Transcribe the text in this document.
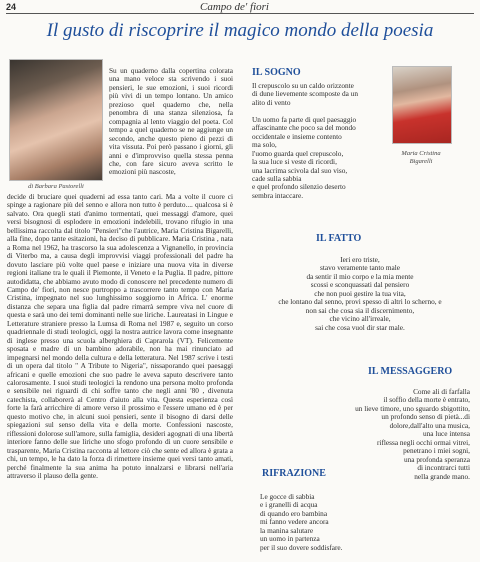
24	Campo de' fiori
Il gusto di riscoprire il magico mondo della poesia
di Barbara Pastorelli
Su un quaderno dalla copertina colorata una mano veloce sta scrivendo i suoi pensieri, le sue emozioni, i suoi ricordi più vivi di un tempo lontano. Un amico prezioso quel quaderno che, nella penombra di una stanza silenziosa, fa compagnia al lento viaggio del poeta. Col tempo a quel quaderno se ne aggiunge un secondo, anche questo pieno di pezzi di vita vissuta. Poi però passano i giorni, gli anni e d'improvviso quella stessa penna che, con fare sicuro aveva scritto le emozioni più nascoste,
decide di bruciare quei quaderni ad essa tanto cari. Ma a volte il cuore ci spinge a ragionare più del senno e allora non tutto è perduto.... qualcosa si è salvato. Ora quegli stati d'animo tormentati, quei messaggi d'amore, quei versi bisognosi di esplodere in emozioni indelebili, trovano rifugio in una bellissima raccolta dal titolo "Pensieri"che l'autrice, Maria Cristina Bigarelli, alla fine, dopo tante esitazioni, ha deciso di pubblicare. Maria Cristina , nata a Roma nel 1962, ha trascorso la sua adolescenza a Vignanello, in provincia di Viterbo ma, a causa degli improvvisi viaggi professionali del padre ha dovuto lasciare più volte quel paese e iniziare una nuova vita in diverse regioni italiane tra le quali il Piemonte, il Veneto e la Puglia. Il padre, pittore autodidatta, che abbiamo avuto modo di conoscere nel precedente numero di Campo de' fiori, non nesce purtroppo a trascorrere tanto tempo con Maria Cristina, impegnato nel suo lunghissimo soggiorno in Africa. L' enorme distanza che separa una figlia dal padre rimarrà sempre viva nel cuore di questa e sarà uno dei temi dominanti nelle sue liriche. Laureatasi in Lingue e Letterature straniere presso la Lumsa di Roma nel 1987 e, seguito un corso quadriennale di studi teologici, oggi la nostra autrice lavora come insegnante di inglese presso una scuola alberghiera di Caprarola (VT). Felicemente sposata e madre di un bambino adorabile, non ha mai rinunciato ad impegnarsi nel mondo della cultura e della letteratura. Nel 1987 scrive i testi di un opera dal titolo " A Tribute to Nigeria", nissaporando quei paesaggi africani e quelle emozioni che suo padre le aveva saputo descrivere tanto calorosamente. I suoi studi teologici la rendono una persona molto profonda e sensibile nei riguardi di chi soffre tanto che negli anni '80 , divenuta catechista, collaborerà al Centro d'aiuto alla vita. Questa esperienza così forte la farà arricchire di amore verso il prossimo e l'essere umano ed è per questo motivo che, in alcuni suoi pensieri, sente il bisogno di darsi delle spiegazioni sul senso della vita e della morte. Confessioni nascoste, riflessioni dolorose sull'amore, sulla famiglia, desideri agognati di una libertà interiore fanno delle sue liriche uno sfogo profondo di un cuore sensibile e trasparente, Maria Cristina racconta al lettore ciò che sente ed allora è grata a chi, un tempo, le ha dato la forza di rimettere insieme quei versi tanto amati, perché finalmente la sua anima ha potuto innalzarsi e librarsi nell'aria attraverso il plauso della gente.
IL SOGNO
Il crepuscolo su un caldo orizzonte
di dune lievemente scomposte da un
alito di vento

Un uomo fa parte di quel paesaggio
affascinante che poco sa del mondo
occidentale e insieme contento
ma solo,
l'uomo guarda quel crepuscolo,
la sua luce si veste di ricordi,
una lacrima scivola dal suo viso,
cade sulla sabbia
e quel profondo silenzio deserto
sembra intaccare.
Maria Cristina
Bigarelli
IL FATTO
Ieri ero triste,
stavo veramente tanto male
da sentir il mio corpo e la mia mente
scossi e sconquassati dal pensiero
che non puoi gestire la tua vita,
che lontano dal senno, provi spesso di altri lo scherno, e
non sai che cosa sia il discernimento,
che vicino all'irreale,
sai che cosa vuol dir star male.
IL MESSAGGERO
Come ali di farfalla
il soffio della morte è entrato,
un lieve timore, uno sguardo sbigottito,
un profondo senso di pietà...di
dolore,dall'alto una musica,
una luce intensa
riflessa negli occhi ormai vitrei,
penetrano i miei sogni,
una profonda speranza
di incontrarci tutti
nella grande mano.
RIFRAZIONE
Le gocce di sabbia
e i granelli di acqua
di quando ero bambina
mi fanno vedere ancora
la manina salutare
un uomo in partenza
per il suo dovere soddisfare.
